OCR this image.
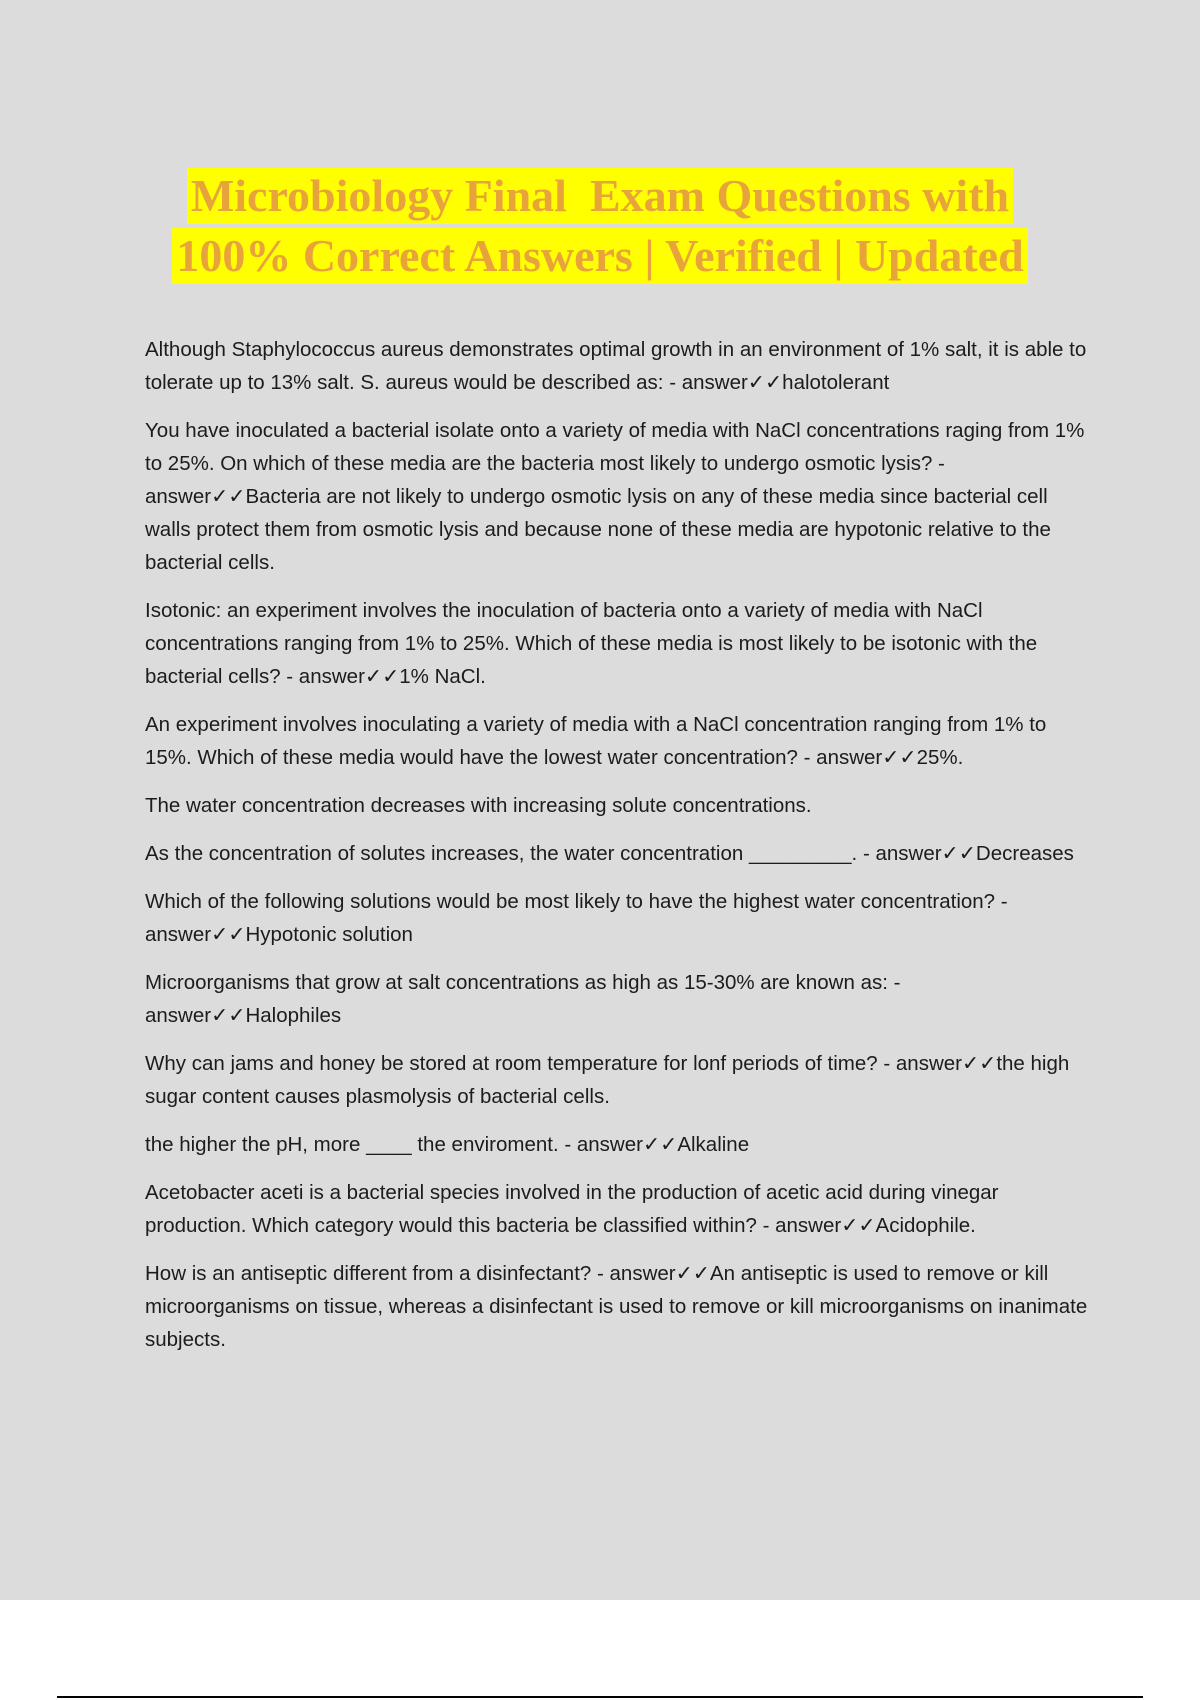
Microbiology Final  Exam Questions with
100% Correct Answers | Verified | Updated

Although Staphylococcus aureus demonstrates optimal growth in an environment of 1% salt, it is able to tolerate up to 13% salt. S. aureus would be described as: - answer✓✓halotolerant

You have inoculated a bacterial isolate onto a variety of media with NaCl concentrations raging from 1% to 25%. On which of these media are the bacteria most likely to undergo osmotic lysis? - answer✓✓Bacteria are not likely to undergo osmotic lysis on any of these media since bacterial cell walls protect them from osmotic lysis and because none of these media are hypotonic relative to the bacterial cells.

Isotonic: an experiment involves the inoculation of bacteria onto a variety of media with NaCl concentrations ranging from 1% to 25%. Which of these media is most likely to be isotonic with the bacterial cells? - answer✓✓1% NaCl.

An experiment involves inoculating a variety of media with a NaCl concentration ranging from 1% to 15%. Which of these media would have the lowest water concentration? - answer✓✓25%.

The water concentration decreases with increasing solute concentrations.

As the concentration of solutes increases, the water concentration _________. - answer✓✓Decreases

Which of the following solutions would be most likely to have the highest water concentration? - answer✓✓Hypotonic solution

Microorganisms that grow at salt concentrations as high as 15-30% are known as: - answer✓✓Halophiles

Why can jams and honey be stored at room temperature for lonf periods of time? - answer✓✓the high sugar content causes plasmolysis of bacterial cells.

the higher the pH, more ____ the enviroment. - answer✓✓Alkaline

Acetobacter aceti is a bacterial species involved in the production of acetic acid during vinegar production. Which category would this bacteria be classified within? - answer✓✓Acidophile.

How is an antiseptic different from a disinfectant? - answer✓✓An antiseptic is used to remove or kill microorganisms on tissue, whereas a disinfectant is used to remove or kill microorganisms on inanimate subjects.
